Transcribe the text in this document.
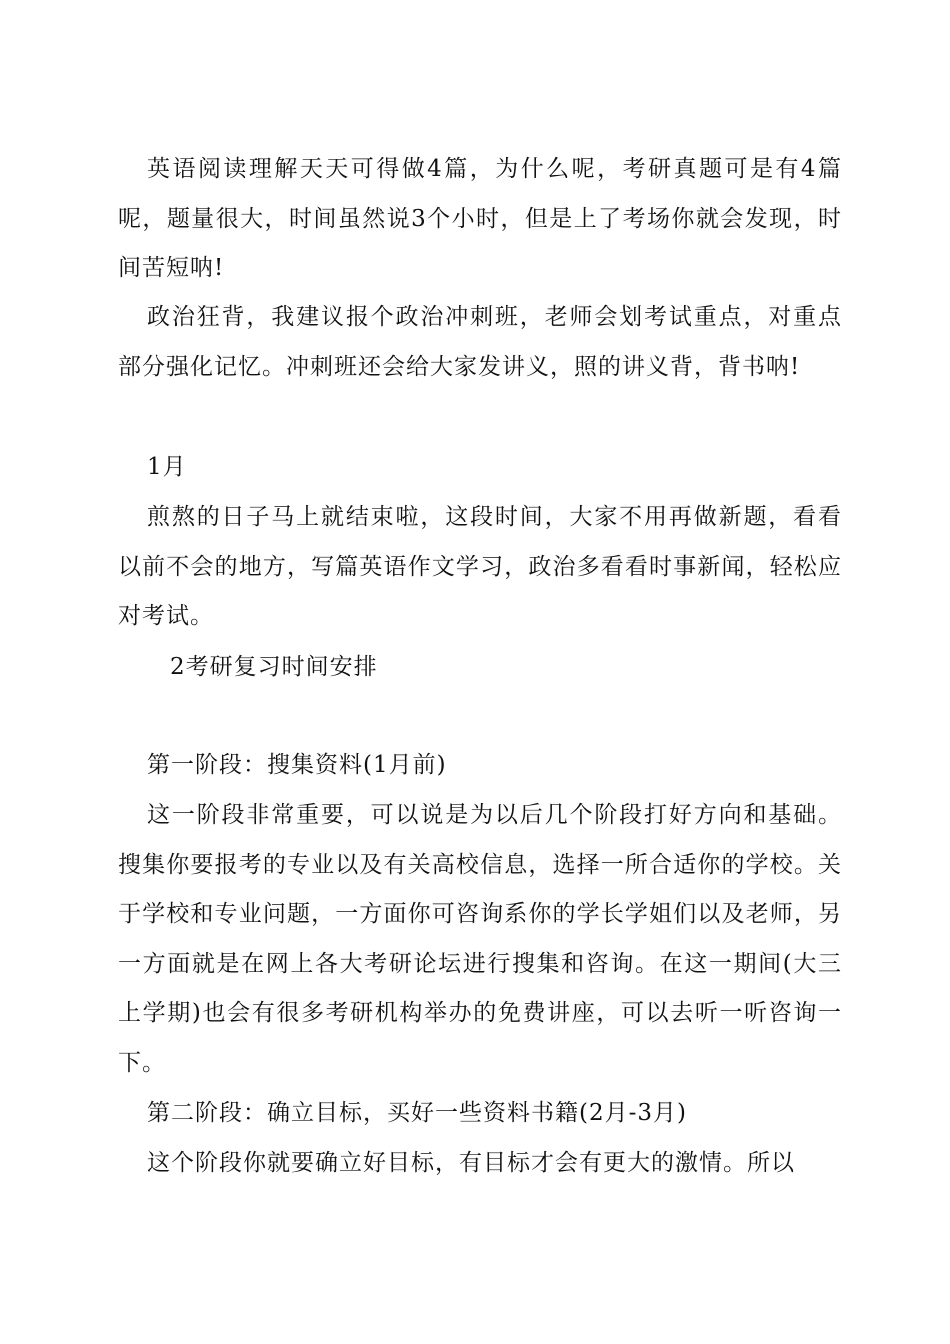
英语阅读理解天天可得做4篇，为什么呢，考研真题可是有4篇呢，题量很大，时间虽然说3个小时，但是上了考场你就会发现，时间苦短呐!

政治狂背，我建议报个政治冲刺班，老师会划考试重点，对重点部分强化记忆。冲刺班还会给大家发讲义，照的讲义背，背书呐!

1月

煎熬的日子马上就结束啦，这段时间，大家不用再做新题，看看以前不会的地方，写篇英语作文学习，政治多看看时事新闻，轻松应对考试。

2考研复习时间安排

第一阶段：搜集资料(1月前)

这一阶段非常重要，可以说是为以后几个阶段打好方向和基础。搜集你要报考的专业以及有关高校信息，选择一所合适你的学校。关于学校和专业问题，一方面你可咨询系你的学长学姐们以及老师，另一方面就是在网上各大考研论坛进行搜集和咨询。在这一期间(大三上学期)也会有很多考研机构举办的免费讲座，可以去听一听咨询一下。

第二阶段：确立目标，买好一些资料书籍(2月-3月)

这个阶段你就要确立好目标，有目标才会有更大的激情。所以
